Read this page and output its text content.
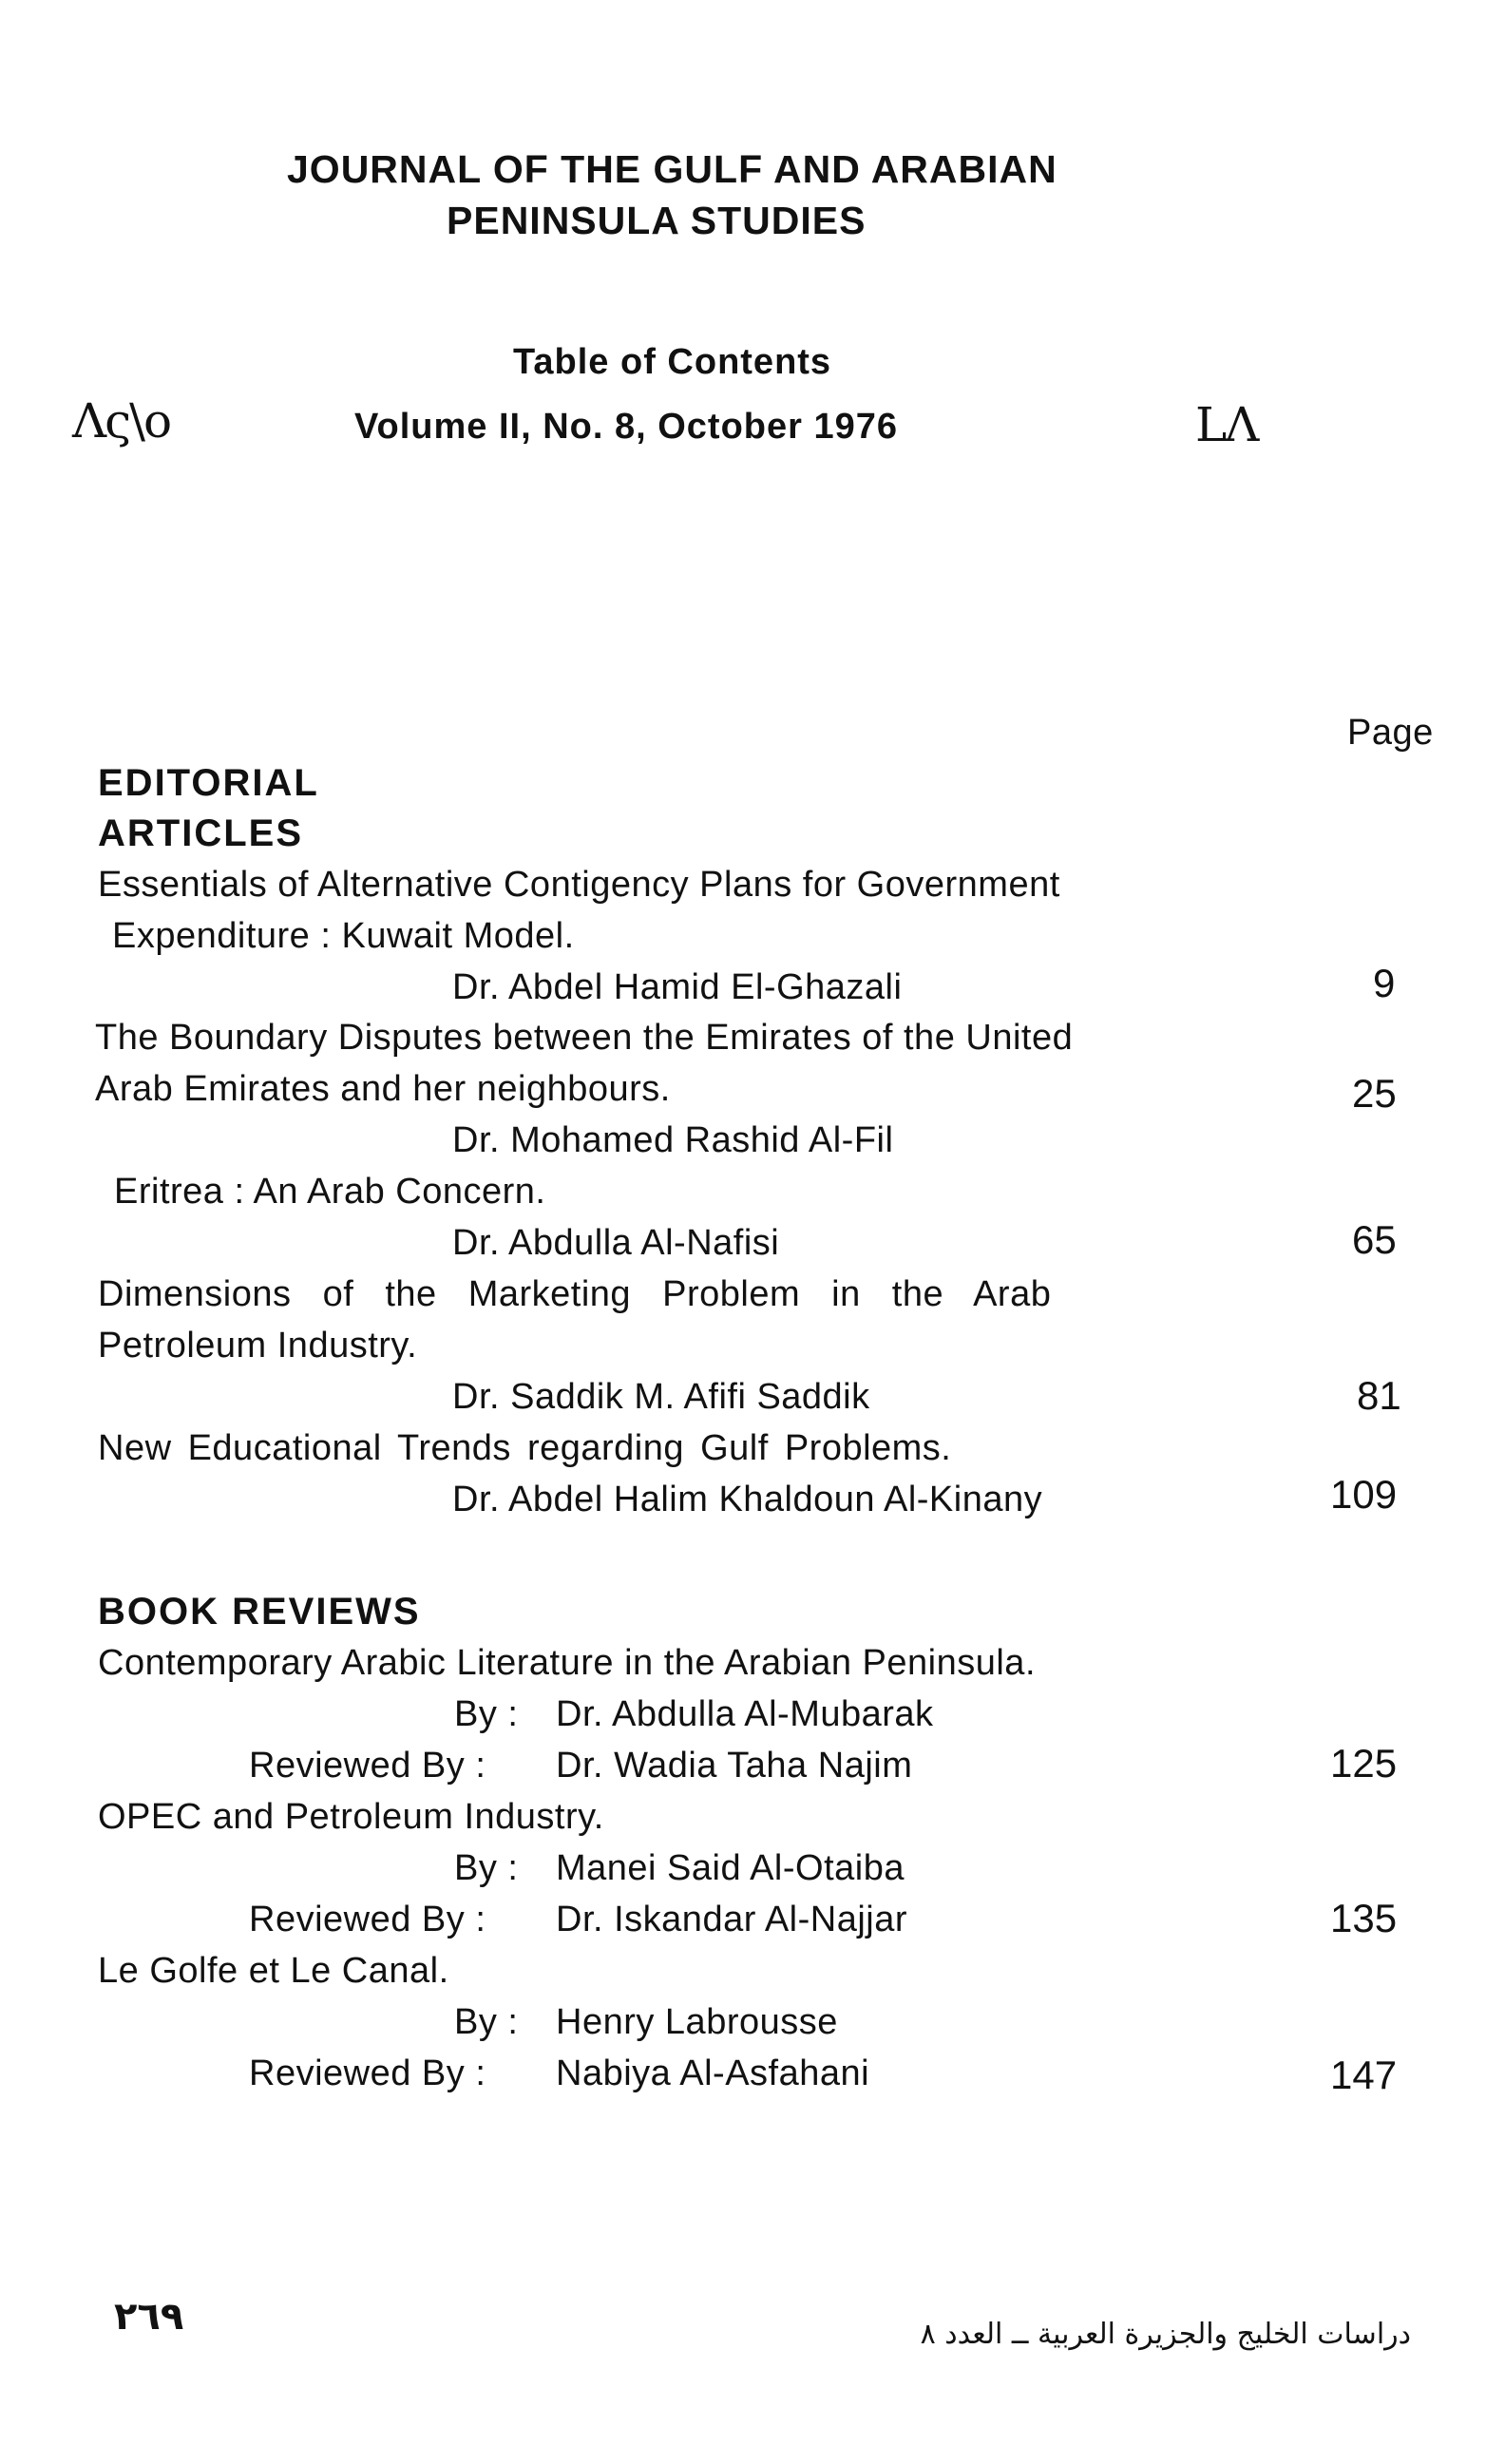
JOURNAL OF THE GULF AND ARABIAN
PENINSULA STUDIES
Table of Contents
Volume II, No. 8, October 1976
Λς\ο	LΛ
Page
EDITORIAL
ARTICLES
Essentials of Alternative Contigency Plans for Government
Expenditure : Kuwait Model.
Dr. Abdel Hamid El-Ghazali	9
The Boundary Disputes between the Emirates of the United
Arab Emirates and her neighbours.	25
Dr. Mohamed Rashid Al-Fil
Eritrea : An Arab Concern.
Dr. Abdulla Al-Nafisi	65
Dimensions of the Marketing Problem in the Arab
Petroleum Industry.
Dr. Saddik M. Afifi Saddik	81
New Educational Trends regarding Gulf Problems.
Dr. Abdel Halim Khaldoun Al-Kinany	109
BOOK REVIEWS
Contemporary Arabic Literature in the Arabian Peninsula.
By : Dr. Abdulla Al-Mubarak
Reviewed By : Dr. Wadia Taha Najim	125
OPEC and Petroleum Industry.
By : Manei Said Al-Otaiba
Reviewed By : Dr. Iskandar Al-Najjar	135
Le Golfe et Le Canal.
By : Henry Labrousse
Reviewed By : Nabiya Al-Asfahani	147
٢٦٩	دراسات الخليج والجزيرة العربية ــ العدد ٨
